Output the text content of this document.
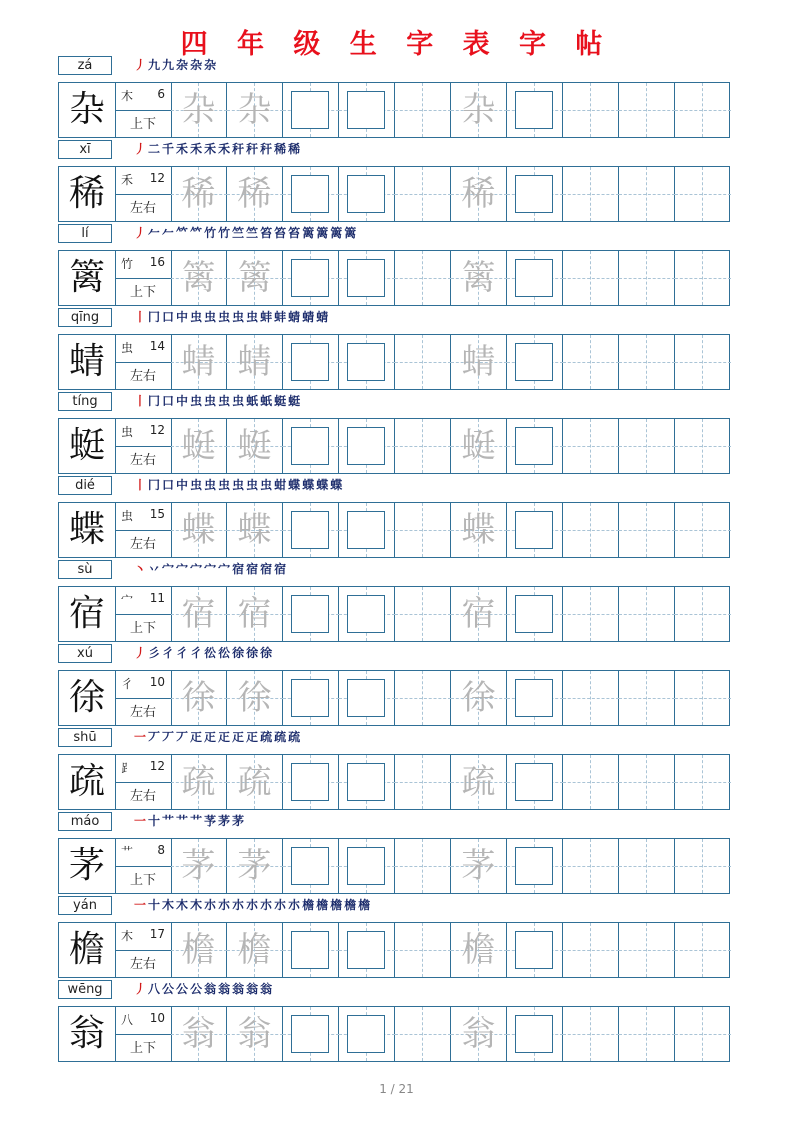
四 年 级 生 字 表 字 帖
zá	丿 九 九 杂 杂 杂
杂	木 6
上下 杂 杂	杂
xī	丿 二 千 禾 禾 禾 禾 秆 秆 秆 稀 稀
稀	禾 12
左右 稀 稀	稀
lí	丿 𠂉 𠂉 𥫗 𥫗 竹 竹 竺 竺 笞 笞 笞 篱 篱 篱 篱
篱	竹 16
上下 篱 篱	篱
qīng	丨 冂 口 中 虫 虫 虫 虫 虫 蚌 蚌 蜻 蜻 蜻
蜻	虫 14
左右 蜻 蜻	蜻
tíng	丨 冂 口 中 虫 虫 虫 虫 蚔 蚔 蜓 蜓
蜓	虫 12
左右 蜓 蜓	蜓
dié	丨 冂 口 中 虫 虫 虫 虫 虫 虫 蚶 蝶 蝶 蝶 蝶
蝶	虫 15
左右 蝶 蝶	蝶
sù	丶 丷 宀 宀 宀 宀 宀 宿 宿 宿 宿
宿	宀 11
上下 宿 宿	宿
xú	丿 彡 彳 彳 彳 彸 彸 徐 徐 徐
徐	彳 10
左右 徐 徐	徐
shū	一 丆 丆 丆 𤴓 𤴓 𤴓 𤴓 𤴓 疏 疏 疏
疏	⻊ 12
左右 疏 疏	疏
máo	一 十 艹 艹 艹 芧 茅 茅
茅	艹 8
上下 茅 茅	茅
yán	一 十 木 木 木 朩 朩 朩 朩 朩 朩 朩 檐 檐 檐 檐 檐
檐	木 17
左右 檐 檐	檐
wēng	丿 八 公 公 公 翁 翁 翁 翁 翁
翁	八 10
上下 翁 翁	翁
1 / 21
